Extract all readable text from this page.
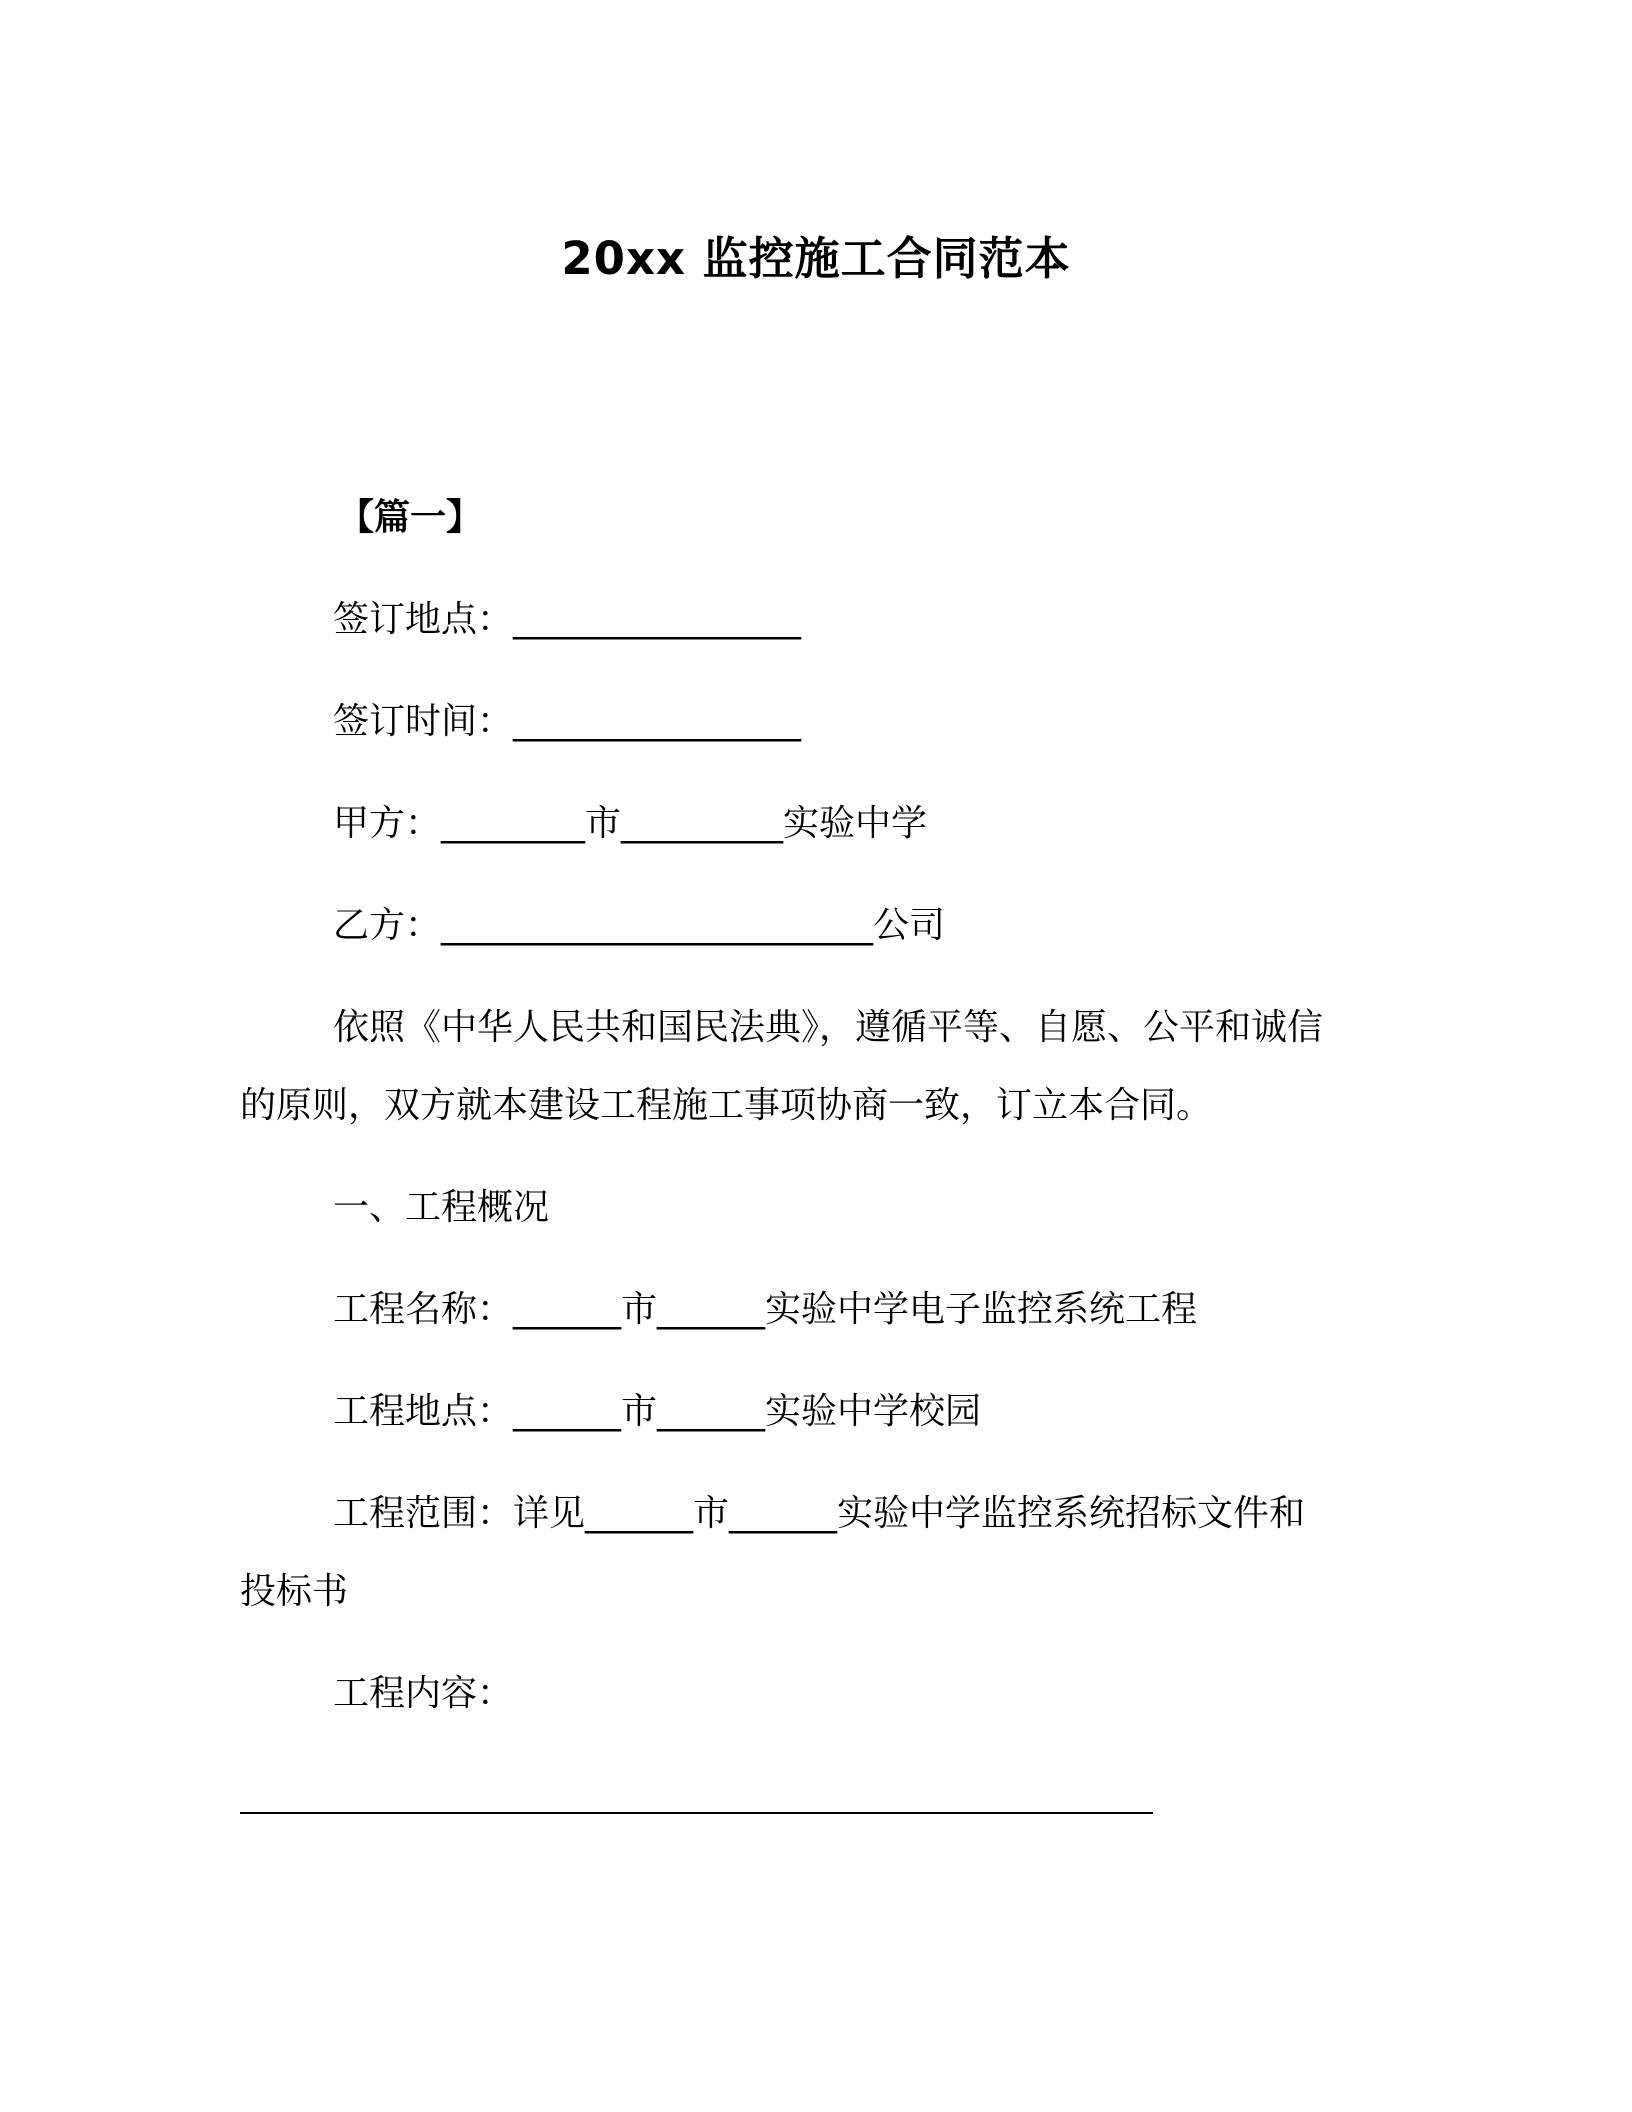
20xx 监控施工合同范本
【篇一】
签订地点：________________
签订时间：________________
甲方：________市_________实验中学
乙方：________________________公司
依照《中华人民共和国民法典》，遵循平等、自愿、公平和诚信
的原则，双方就本建设工程施工事项协商一致，订立本合同。
一、工程概况
工程名称：______市______实验中学电子监控系统工程
工程地点：______市______实验中学校园
工程范围：详见______市______实验中学监控系统招标文件和
投标书
工程内容：
